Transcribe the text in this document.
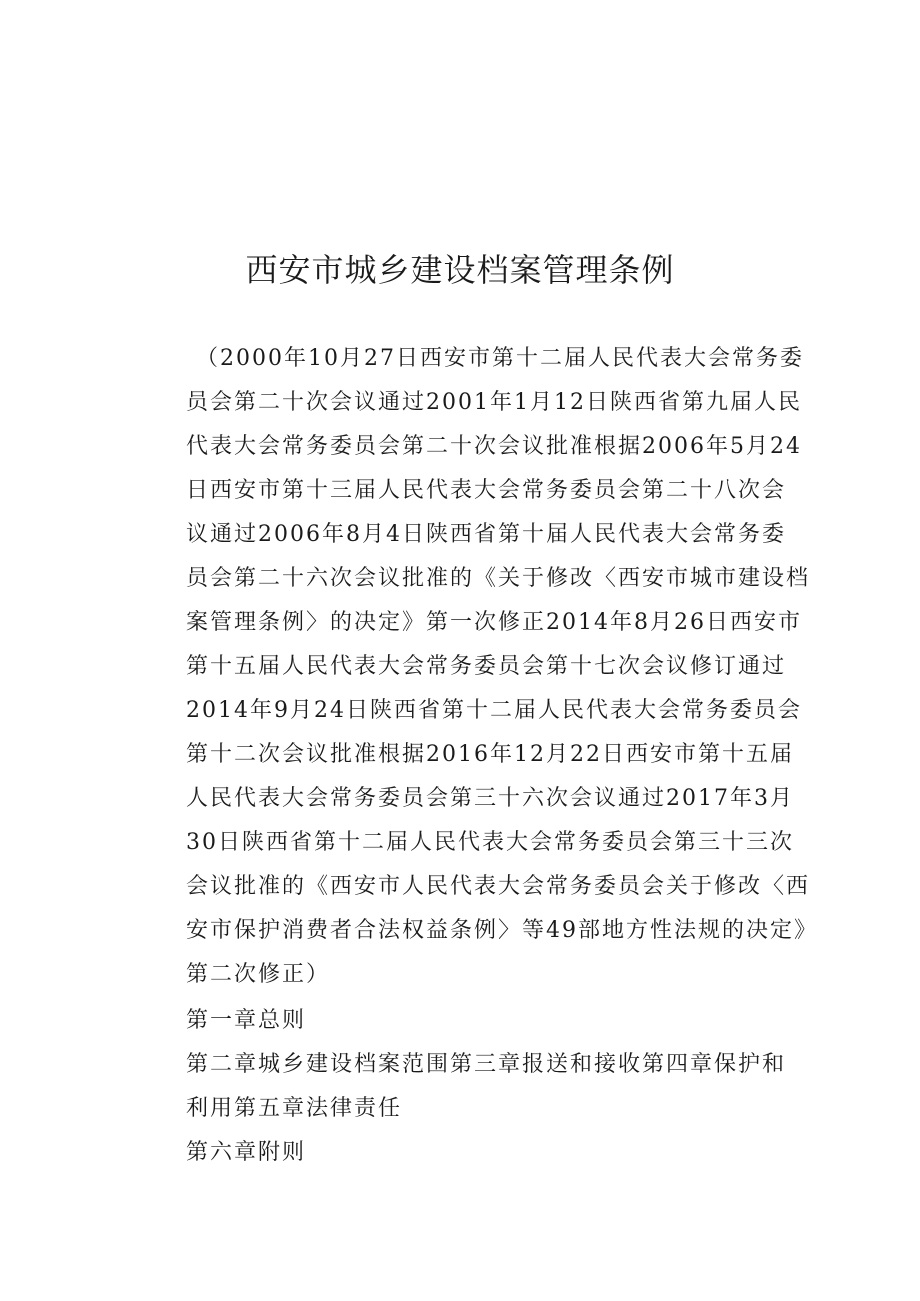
西安市城乡建设档案管理条例

（2000年10月27日西安市第十二届人民代表大会常务委

员会第二十次会议通过2001年1月12日陕西省第九届人民

代表大会常务委员会第二十次会议批准根据2006年5月24

日西安市第十三届人民代表大会常务委员会第二十八次会

议通过2006年8月4日陕西省第十届人民代表大会常务委

员会第二十六次会议批准的《关于修改〈西安市城市建设档

案管理条例〉的决定》第一次修正2014年8月26日西安市

第十五届人民代表大会常务委员会第十七次会议修订通过

2014年9月24日陕西省第十二届人民代表大会常务委员会

第十二次会议批准根据2016年12月22日西安市第十五届

人民代表大会常务委员会第三十六次会议通过2017年3月

30日陕西省第十二届人民代表大会常务委员会第三十三次

会议批准的《西安市人民代表大会常务委员会关于修改〈西

安市保护消费者合法权益条例〉等49部地方性法规的决定》

第二次修正）

第一章总则

第二章城乡建设档案范围第三章报送和接收第四章保护和

利用第五章法律责任

第六章附则
